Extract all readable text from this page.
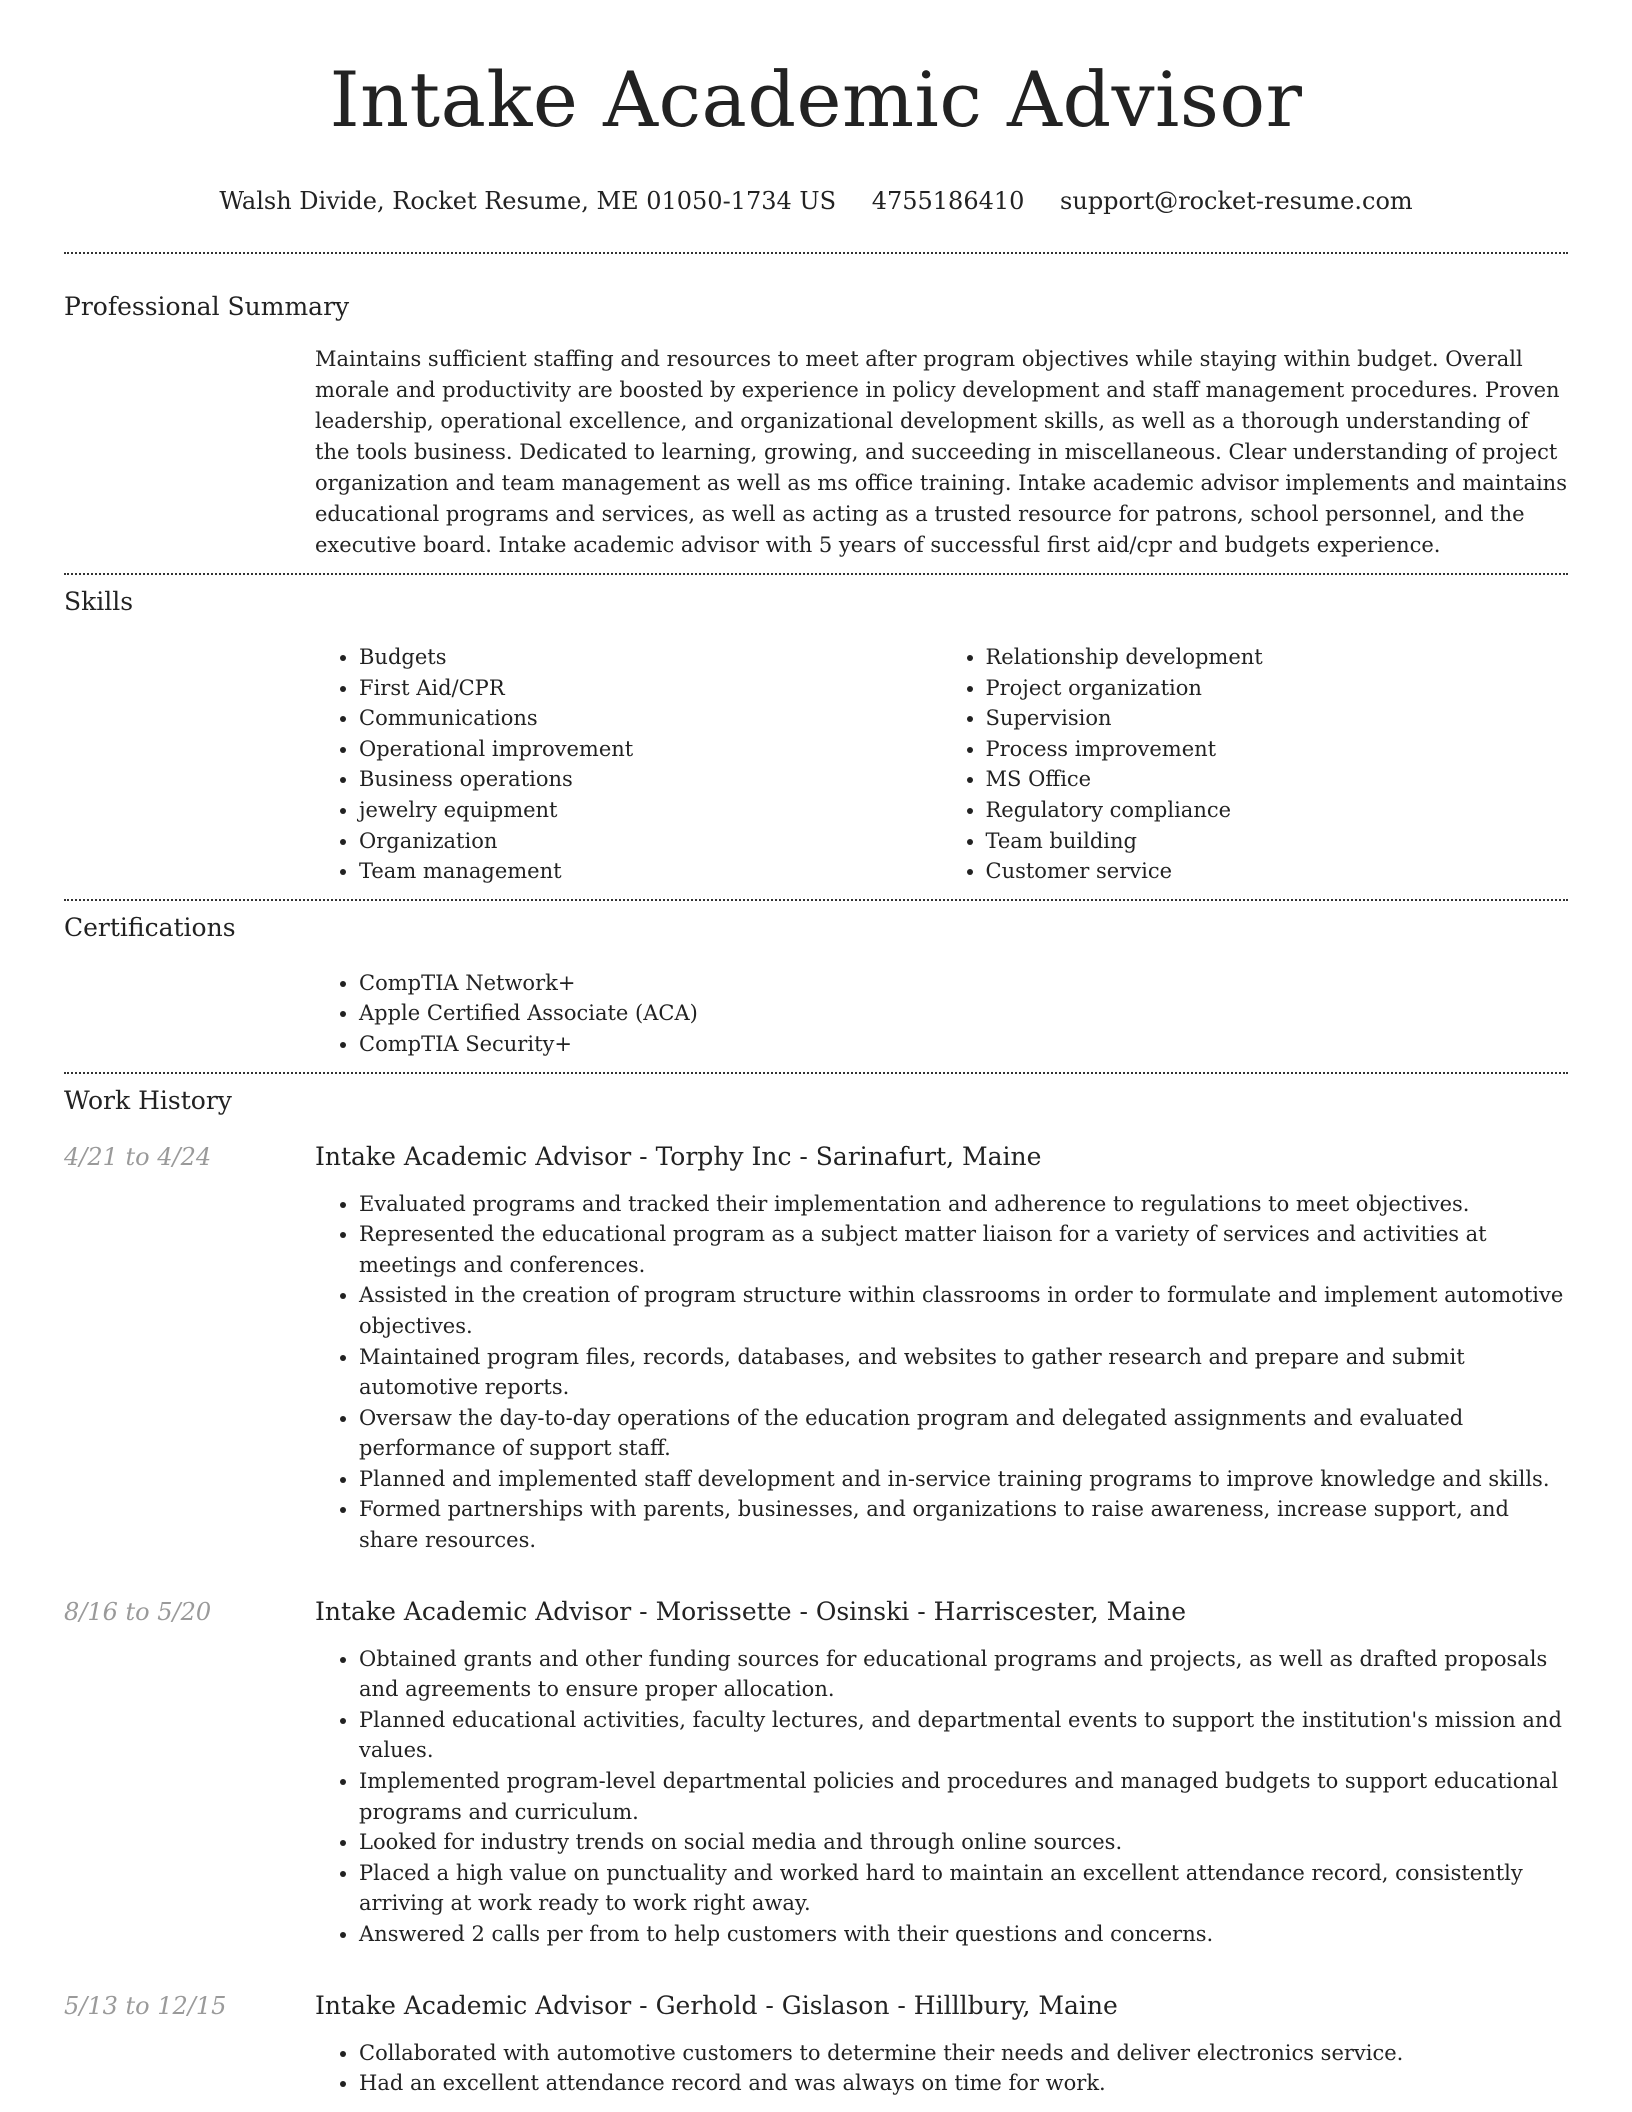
Intake Academic Advisor
Walsh Divide, Rocket Resume, ME 01050-1734 US 4755186410 support@rocket-resume.com
Professional Summary
Maintains sufficient staffing and resources to meet after program objectives while staying within budget. Overall morale and productivity are boosted by experience in policy development and staff management procedures. Proven leadership, operational excellence, and organizational development skills, as well as a thorough understanding of the tools business. Dedicated to learning, growing, and succeeding in miscellaneous. Clear understanding of project organization and team management as well as ms office training. Intake academic advisor implements and maintains educational programs and services, as well as acting as a trusted resource for patrons, school personnel, and the executive board. Intake academic advisor with 5 years of successful first aid/cpr and budgets experience.
Skills
• Budgets
• First Aid/CPR
• Communications
• Operational improvement
• Business operations
• jewelry equipment
• Organization
• Team management
• Relationship development
• Project organization
• Supervision
• Process improvement
• MS Office
• Regulatory compliance
• Team building
• Customer service
Certifications
• CompTIA Network+
• Apple Certified Associate (ACA)
• CompTIA Security+
Work History
4/21 to 4/24	Intake Academic Advisor - Torphy Inc - Sarinafurt, Maine
• Evaluated programs and tracked their implementation and adherence to regulations to meet objectives.
• Represented the educational program as a subject matter liaison for a variety of services and activities at meetings and conferences.
• Assisted in the creation of program structure within classrooms in order to formulate and implement automotive objectives.
• Maintained program files, records, databases, and websites to gather research and prepare and submit automotive reports.
• Oversaw the day-to-day operations of the education program and delegated assignments and evaluated performance of support staff.
• Planned and implemented staff development and in-service training programs to improve knowledge and skills.
• Formed partnerships with parents, businesses, and organizations to raise awareness, increase support, and share resources.
8/16 to 5/20	Intake Academic Advisor - Morissette - Osinski - Harriscester, Maine
• Obtained grants and other funding sources for educational programs and projects, as well as drafted proposals and agreements to ensure proper allocation.
• Planned educational activities, faculty lectures, and departmental events to support the institution's mission and values.
• Implemented program-level departmental policies and procedures and managed budgets to support educational programs and curriculum.
• Looked for industry trends on social media and through online sources.
• Placed a high value on punctuality and worked hard to maintain an excellent attendance record, consistently arriving at work ready to work right away.
• Answered 2 calls per from to help customers with their questions and concerns.
5/13 to 12/15	Intake Academic Advisor - Gerhold - Gislason - Hilllbury, Maine
• Collaborated with automotive customers to determine their needs and deliver electronics service.
• Had an excellent attendance record and was always on time for work.
